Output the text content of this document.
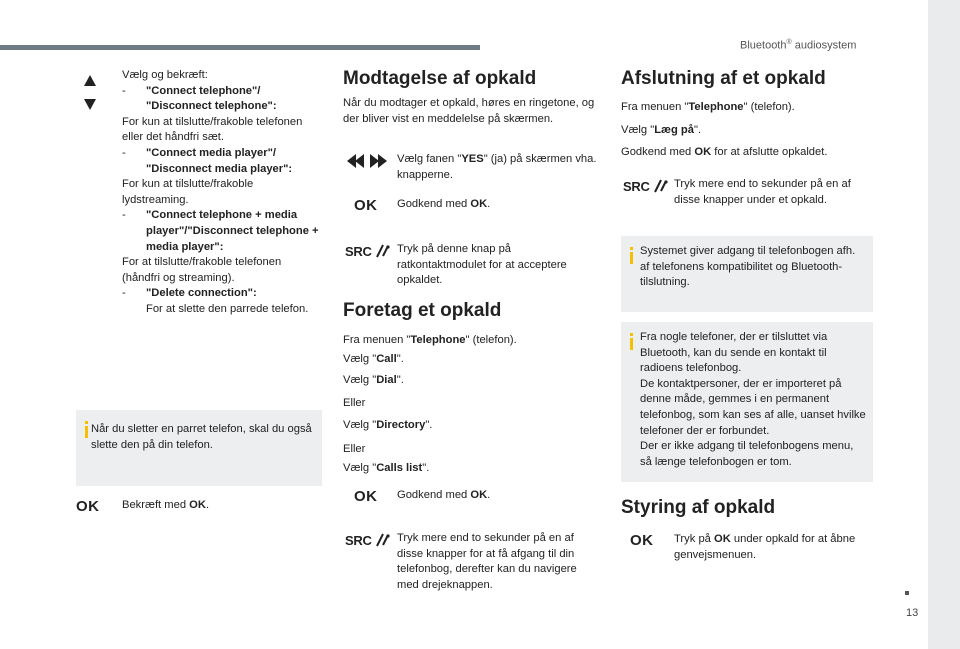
Bluetooth® audiosystem
13
Vælg og bekræft:
- "Connect telephone"/ "Disconnect telephone":
For kun at tilslutte/frakoble telefonen eller det håndfri sæt.
- "Connect media player"/ "Disconnect media player":
For kun at tilslutte/frakoble lydstreaming.
- "Connect telephone + media player"/"Disconnect telephone + media player":
For at tilslutte/frakoble telefonen (håndfri og streaming).
- "Delete connection":
For at slette den parrede telefon.
Når du sletter en parret telefon, skal du også slette den på din telefon.
OK Bekræft med OK.
Modtagelse af opkald
Når du modtager et opkald, høres en ringetone, og der bliver vist en meddelelse på skærmen.
Vælg fanen "YES" (ja) på skærmen vha. knapperne.
OK Godkend med OK.
SRC	Tryk på denne knap på ratkontaktmodulet for at acceptere opkaldet.
Foretag et opkald
Fra menuen "Telephone" (telefon).
Vælg "Call".
Vælg "Dial".
Eller
Vælg "Directory".
Eller
Vælg "Calls list".
OK Godkend med OK.
SRC	Tryk mere end to sekunder på en af disse knapper for at få afgang til din telefonbog, derefter kan du navigere med drejeknappen.
Afslutning af et opkald
Fra menuen "Telephone" (telefon).
Vælg "Læg på".
Godkend med OK for at afslutte opkaldet.
SRC	Tryk mere end to sekunder på en af disse knapper under et opkald.
Systemet giver adgang til telefonbogen afh. af telefonens kompatibilitet og Bluetooth-tilslutning.
Fra nogle telefoner, der er tilsluttet via Bluetooth, kan du sende en kontakt til radioens telefonbog.
De kontaktpersoner, der er importeret på denne måde, gemmes i en permanent telefonbog, som kan ses af alle, uanset hvilke telefoner der er forbundet.
Der er ikke adgang til telefonbogens menu, så længe telefonbogen er tom.
Styring af opkald
OK Tryk på OK under opkald for at åbne genvejsmenuen.
